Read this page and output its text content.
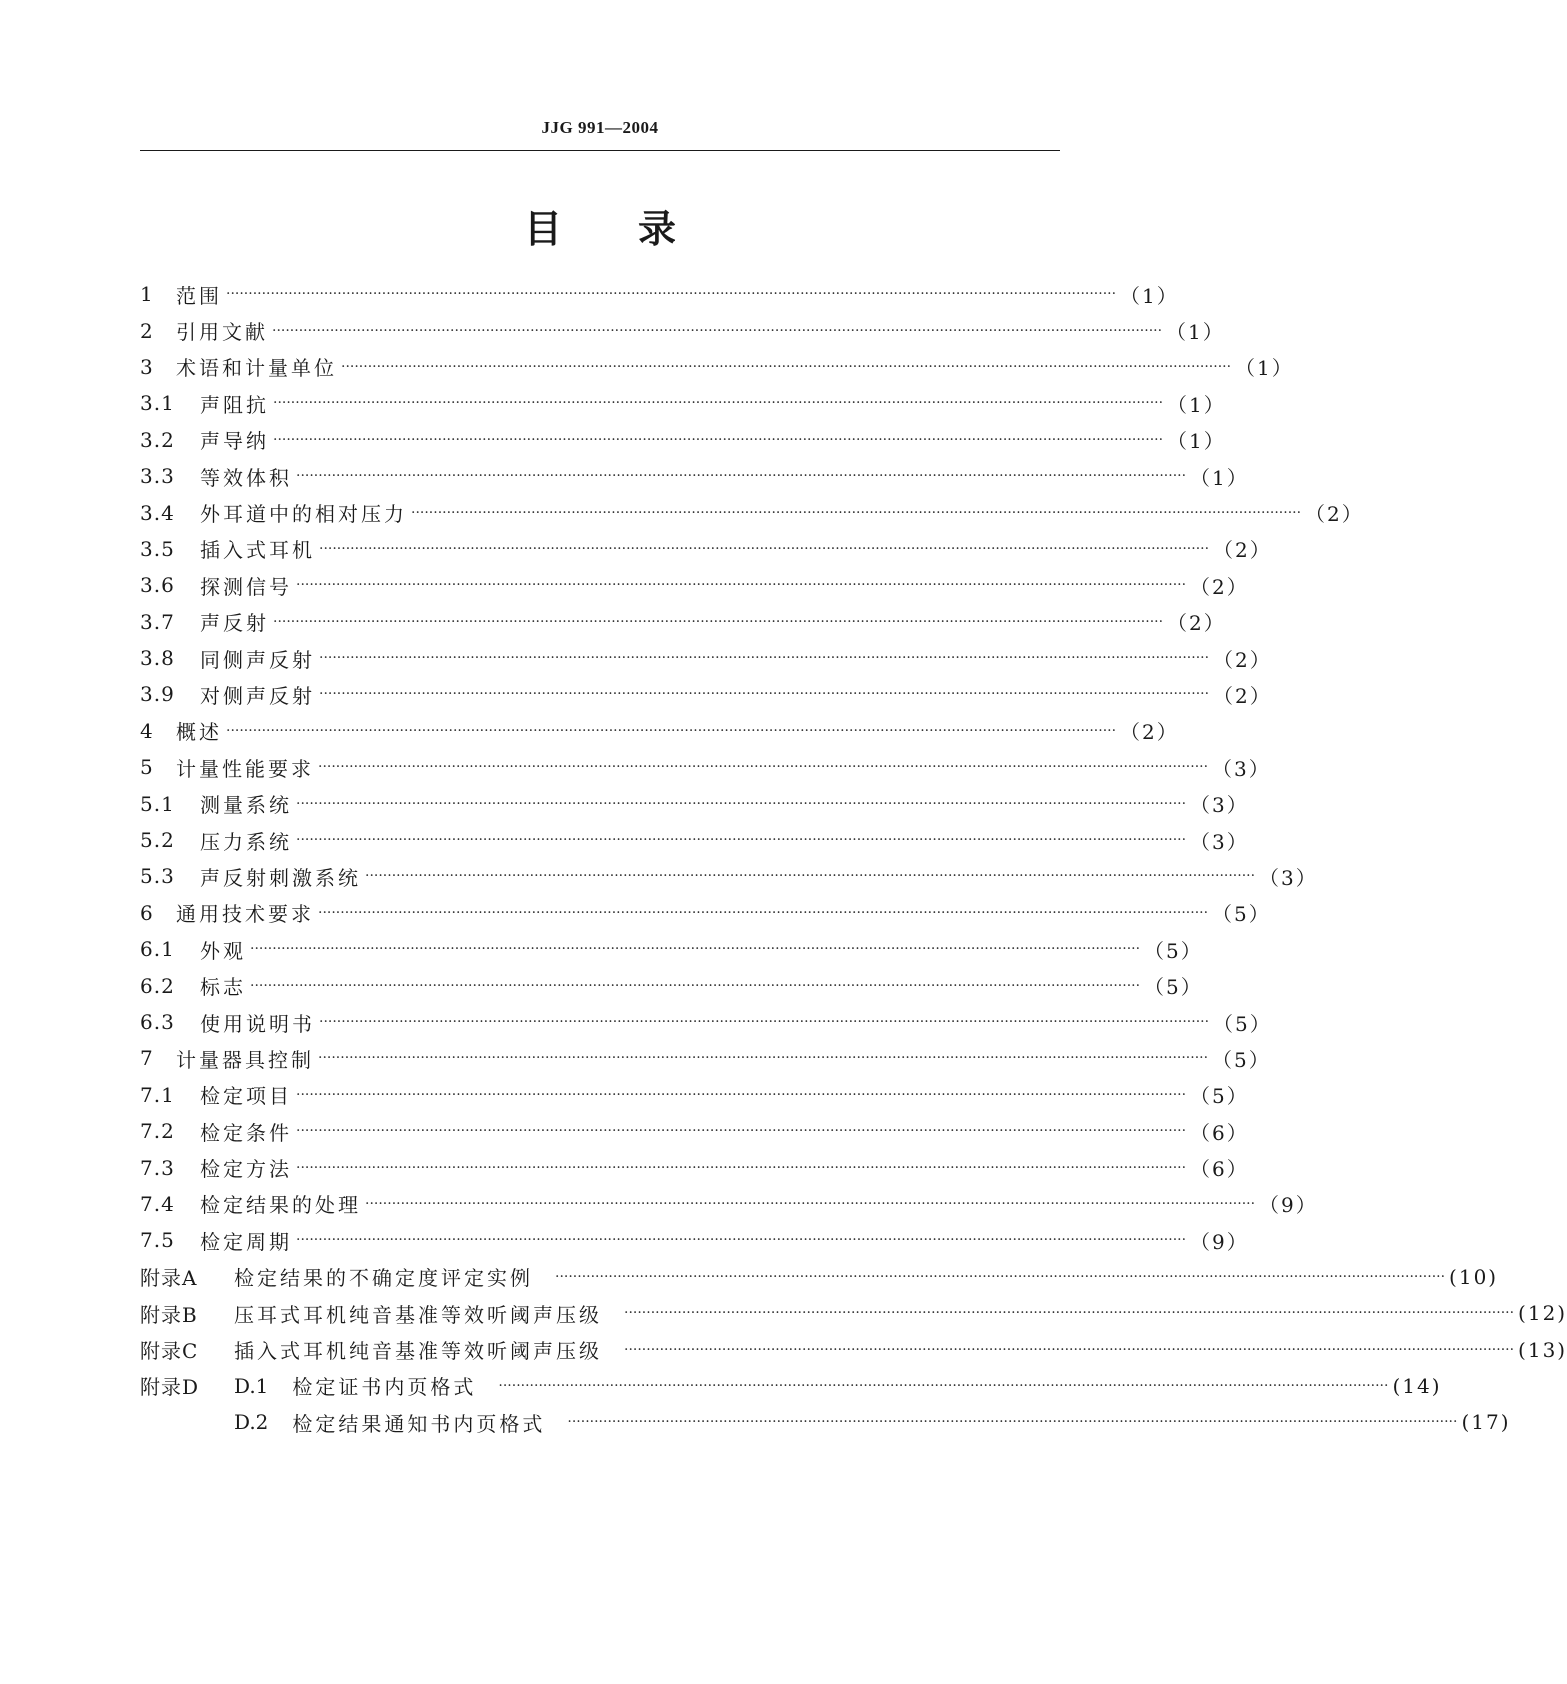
JJG 991—2004
目录
1	范围 ········································································································································································································ （1）
2	引用文献 ········································································································································································································ （1）
3	术语和计量单位 ········································································································································································································ （1）
3.1	声阻抗 ········································································································································································································ （1）
3.2	声导纳 ········································································································································································································ （1）
3.3	等效体积 ········································································································································································································ （1）
3.4	外耳道中的相对压力 ········································································································································································································ （2）
3.5	插入式耳机 ········································································································································································································ （2）
3.6	探测信号 ········································································································································································································ （2）
3.7	声反射 ········································································································································································································ （2）
3.8	同侧声反射 ········································································································································································································ （2）
3.9	对侧声反射 ········································································································································································································ （2）
4	概述 ········································································································································································································ （2）
5	计量性能要求 ········································································································································································································ （3）
5.1	测量系统 ········································································································································································································ （3）
5.2	压力系统 ········································································································································································································ （3）
5.3	声反射刺激系统 ········································································································································································································ （3）
6	通用技术要求 ········································································································································································································ （5）
6.1	外观 ········································································································································································································ （5）
6.2	标志 ········································································································································································································ （5）
6.3	使用说明书 ········································································································································································································ （5）
7	计量器具控制 ········································································································································································································ （5）
7.1	检定项目 ········································································································································································································ （5）
7.2	检定条件 ········································································································································································································ （6）
7.3	检定方法 ········································································································································································································ （6）
7.4	检定结果的处理 ········································································································································································································ （9）
7.5	检定周期 ········································································································································································································ （9）
附录A	检定结果的不确定度评定实例 ········································································································································································································ (10)
附录B	压耳式耳机纯音基准等效听阈声压级 ········································································································································································································ (12)
附录C	插入式耳机纯音基准等效听阈声压级 ········································································································································································································ (13)
附录D	D.1 检定证书内页格式 ········································································································································································································ (14)
D.2 检定结果通知书内页格式 ········································································································································································································ (17)
